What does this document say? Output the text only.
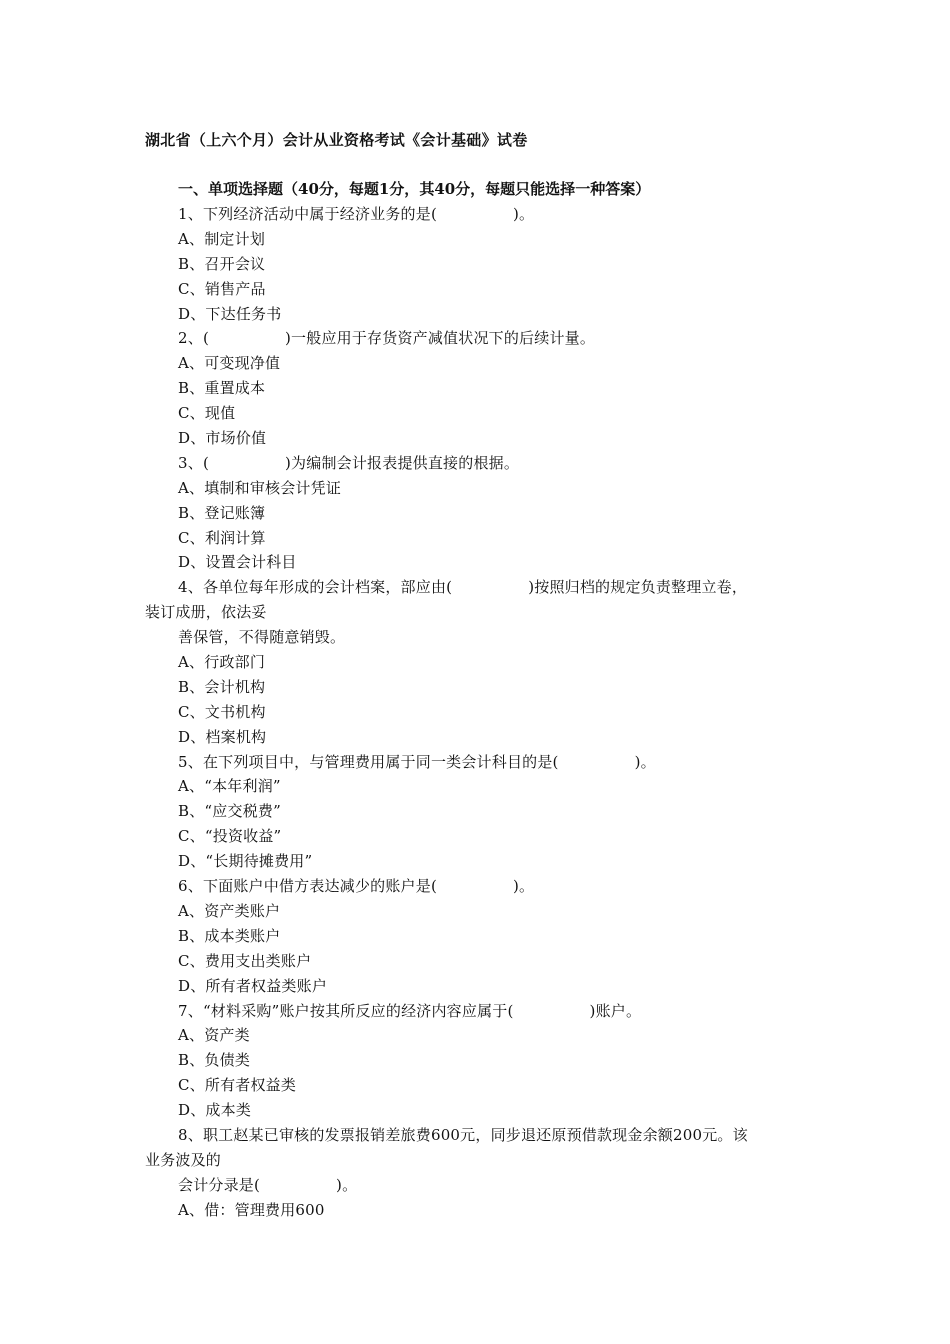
湖北省（上六个月）会计从业资格考试《会计基础》试卷
一、单项选择题（40分，每题1分，其40分，每题只能选择一种答案）
1、下列经济活动中属于经济业务的是(　　　　　)。
A、制定计划
B、召开会议
C、销售产品
D、下达任务书
2、(　　　　　)一般应用于存货资产减值状况下的后续计量。
A、可变现净值
B、重置成本
C、现值
D、市场价值
3、(　　　　　)为编制会计报表提供直接的根据。
A、填制和审核会计凭证
B、登记账簿
C、利润计算
D、设置会计科目
4、各单位每年形成的会计档案，部应由(　　　　　)按照归档的规定负责整理立卷，
装订成册，依法妥
善保管，不得随意销毁。
A、行政部门
B、会计机构
C、文书机构
D、档案机构
5、在下列项目中，与管理费用属于同一类会计科目的是(　　　　　)。
A、“本年利润”
B、“应交税费”
C、“投资收益”
D、“长期待摊费用”
6、下面账户中借方表达减少的账户是(　　　　　)。
A、资产类账户
B、成本类账户
C、费用支出类账户
D、所有者权益类账户
7、“材料采购”账户按其所反应的经济内容应属于(　　　　　)账户。
A、资产类
B、负债类
C、所有者权益类
D、成本类
8、职工赵某已审核的发票报销差旅费600元，同步退还原预借款现金余额200元。该
业务波及的
会计分录是(　　　　　)。
A、借：管理费用600
